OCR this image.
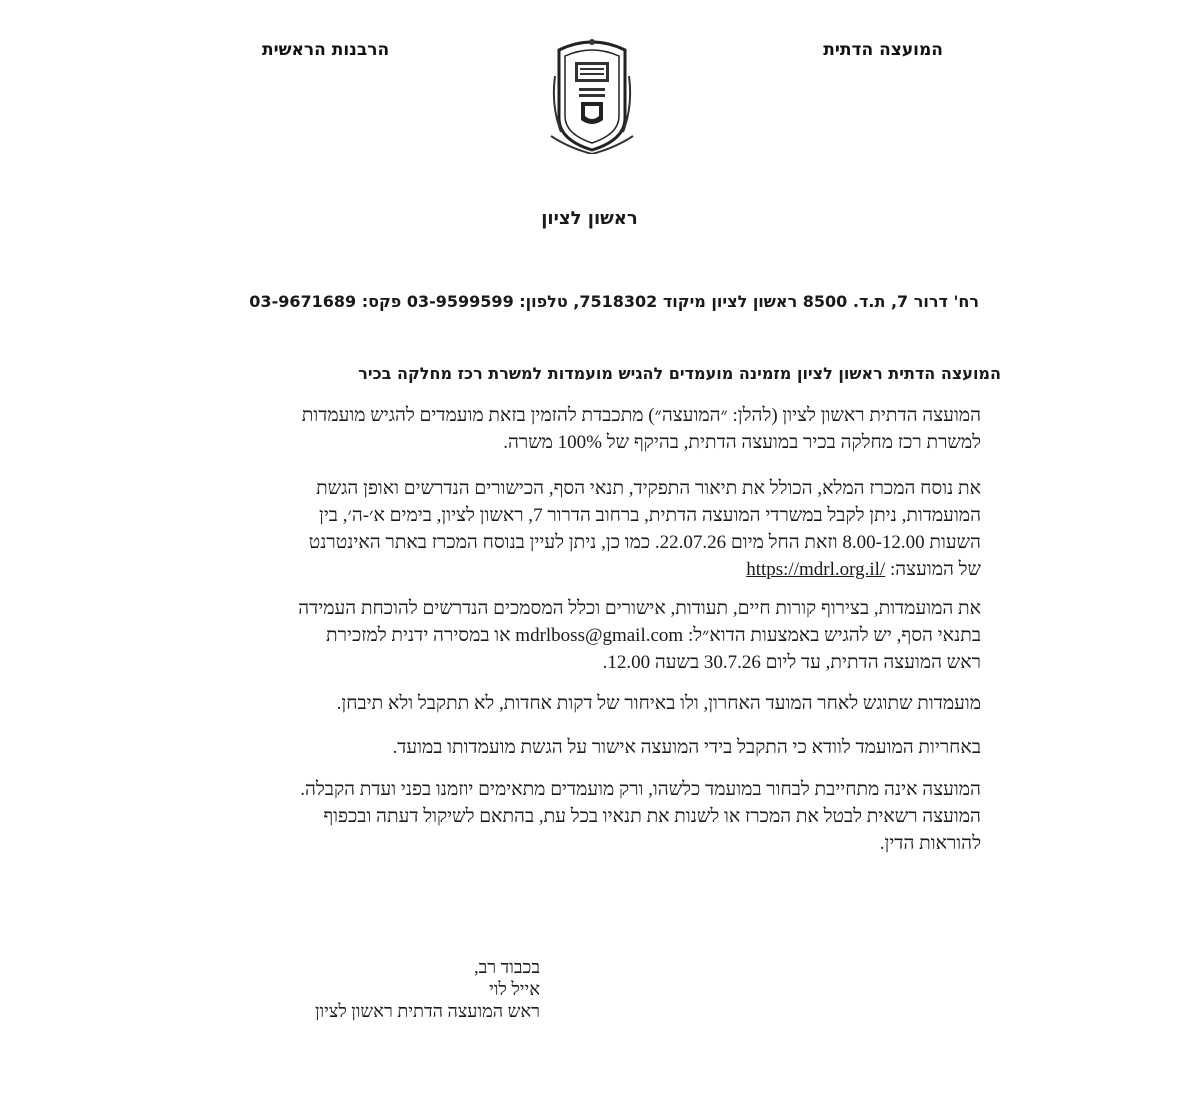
המועצה הדתית
הרבנות הראשית
ראשון לציון
רח' דרור 7, ת.ד. 8500 ראשון לציון מיקוד 7518302, טלפון: 03-9599599 פקס: 03-9671689
המועצה הדתית ראשון לציון מזמינה מועמדים להגיש מועמדות למשרת רכז מחלקה בכיר
המועצה הדתית ראשון לציון (להלן: ״המועצה״) מתכבדת להזמין בזאת מועמדים להגיש מועמדות
למשרת רכז מחלקה בכיר במועצה הדתית, בהיקף של 100% משרה.
את נוסח המכרז המלא, הכולל את תיאור התפקיד, תנאי הסף, הכישורים הנדרשים ואופן הגשת
המועמדות, ניתן לקבל במשרדי המועצה הדתית, ברחוב הדרור 7, ראשון לציון, בימים א׳-ה׳, בין
השעות 8.00-12.00 וזאת החל מיום 22.07.26. כמו כן, ניתן לעיין בנוסח המכרז באתר האינטרנט
של המועצה: https://mdrl.org.il/
את המועמדות, בצירוף קורות חיים, תעודות, אישורים וכלל המסמכים הנדרשים להוכחת העמידה
בתנאי הסף, יש להגיש באמצעות הדוא״ל: mdrlboss@gmail.com או במסירה ידנית למזכירת
ראש המועצה הדתית, עד ליום 30.7.26 בשעה 12.00.
מועמדות שתוגש לאחר המועד האחרון, ולו באיחור של דקות אחדות, לא תתקבל ולא תיבחן.
באחריות המועמד לוודא כי התקבל בידי המועצה אישור על הגשת מועמדותו במועד.
המועצה אינה מתחייבת לבחור במועמד כלשהו, ורק מועמדים מתאימים יוזמנו בפני ועדת הקבלה.
המועצה רשאית לבטל את המכרז או לשנות את תנאיו בכל עת, בהתאם לשיקול דעתה ובכפוף
להוראות הדין.
בכבוד רב,
אייל לוי
ראש המועצה הדתית ראשון לציון
